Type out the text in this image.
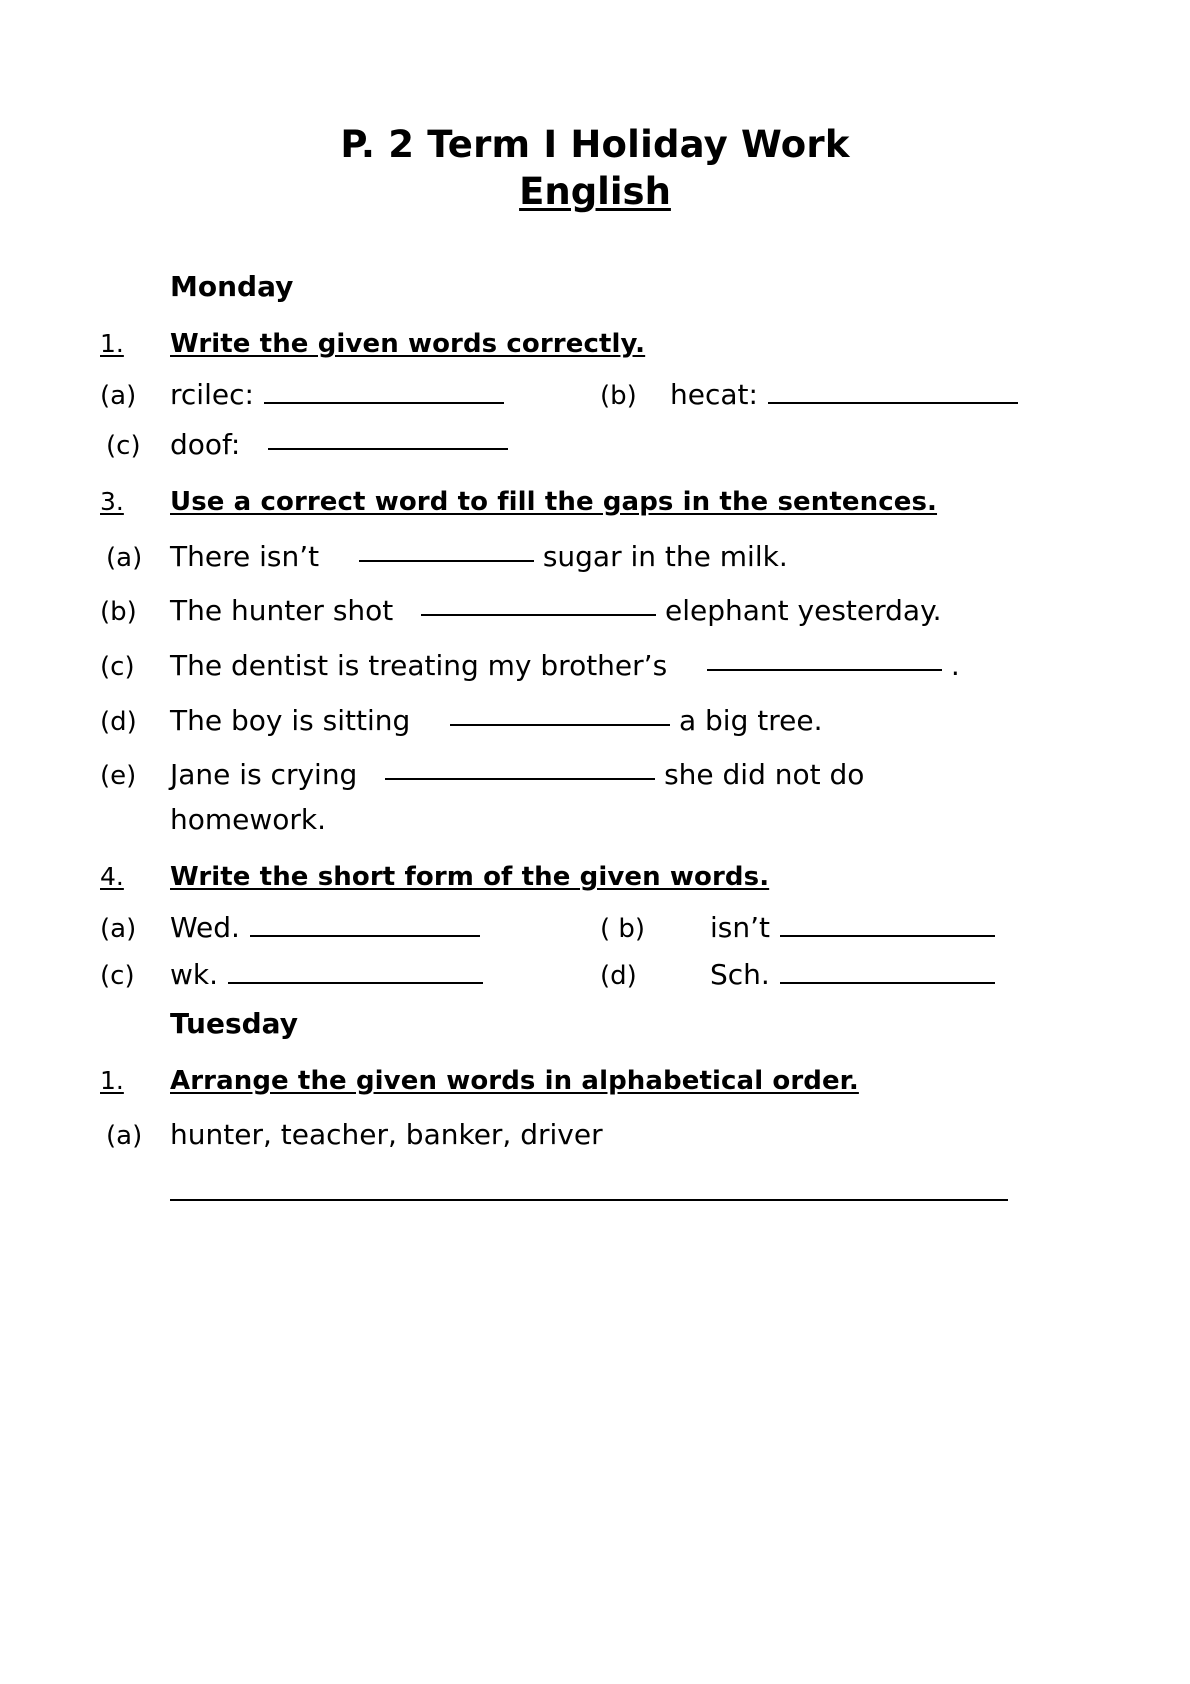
P. 2 Term I Holiday Work
English
Monday
1.	Write the given words correctly.
(a)	rcilec:	(b)	hecat:
(c)	doof:
3.	Use a correct word to fill the gaps in the sentences.
(a) There isn’t	sugar in the milk.
(b)	The hunter shot	elephant yesterday.
(c)	The dentist is treating my brother’s	.
(d)	The boy is sitting	a big tree.
(e)	Jane is crying	she did not do
homework.
4.	Write the short form of the given words.
(a)	Wed.	( b)	isn’t
(c)	wk.	(d)	Sch.
Tuesday
1.	Arrange the given words in alphabetical order.
(a) hunter, teacher, banker, driver
